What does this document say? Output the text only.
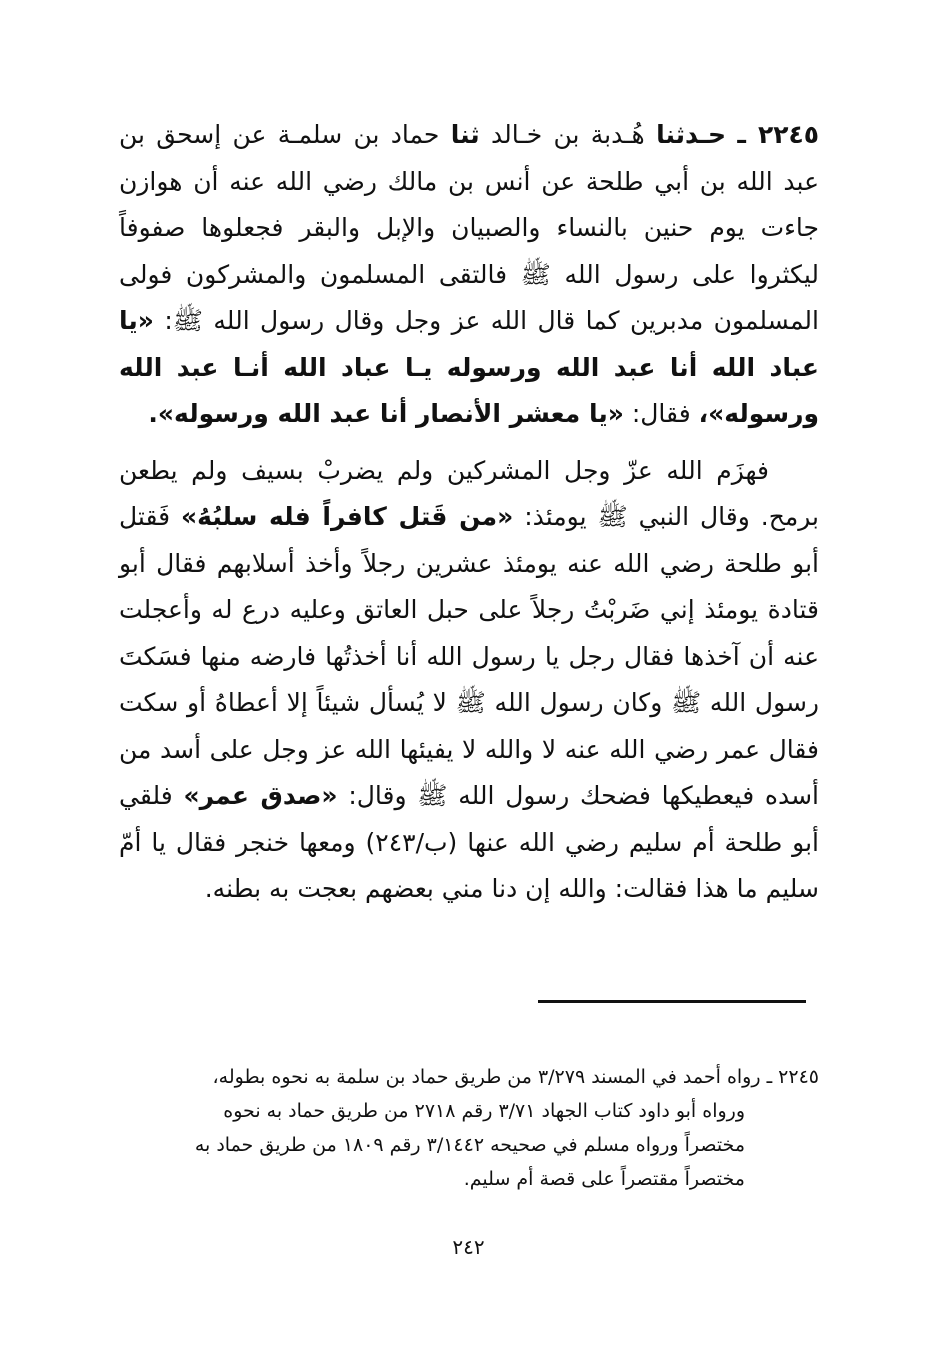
٢٢٤٥ ـ حـدثنا هُـدبة بن خـالد ثنا حماد بن سلمـة عن إسحق بن عبد الله بن أبي طلحة عن أنس بن مالك رضي الله عنه أن هوازن جاءت يوم حنين بالنساء والصبيان والإبل والبقر فجعلوها صفوفاً ليكثروا على رسول الله ﷺ فالتقى المسلمون والمشركون فولى المسلمون مدبرين كما قال الله عز وجل وقال رسول الله ﷺ: «يا عباد الله أنا عبد الله ورسوله يـا عباد الله أنـا عبد الله ورسوله»، فقال: «يا معشر الأنصار أنا عبد الله ورسوله».

فهزَم الله عزّ وجل المشركين ولم يضربْ بسيف ولم يطعن برمح. وقال النبي ﷺ يومئذ: «من قَتل كافراً فله سلبُهُ» فَقتل أبو طلحة رضي الله عنه يومئذ عشرين رجلاً وأخذ أسلابهم فقال أبو قتادة يومئذ إني ضَربْتُ رجلاً على حبل العاتق وعليه درع له وأعجلت عنه أن آخذها فقال رجل يا رسول الله أنا أخذتُها فارضه منها فسَكتَ رسول الله ﷺ وكان رسول الله ﷺ لا يُسأل شيئاً إلا أعطاهُ أو سكت فقال عمر رضي الله عنه لا والله لا يفيئها الله عز وجل على أسد من أسده فيعطيكها فضحك رسول الله ﷺ وقال: «صدق عمر» فلقي أبو طلحة أم سليم رضي الله عنها (ب/٢٤٣) ومعها خنجر فقال يا أمّ سليم ما هذا فقالت: والله إن دنا مني بعضهم بعجت به بطنه.

٢٢٤٥ ـ رواه أحمد في المسند ٣/٢٧٩ من طريق حماد بن سلمة به نحوه بطوله،
ورواه أبو داود كتاب الجهاد ٣/٧١ رقم ٢٧١٨ من طريق حماد به نحوه
مختصراً ورواه مسلم في صحيحه ٣/١٤٤٢ رقم ١٨٠٩ من طريق حماد به
مختصراً مقتصراً على قصة أم سليم.
٢٤٢
